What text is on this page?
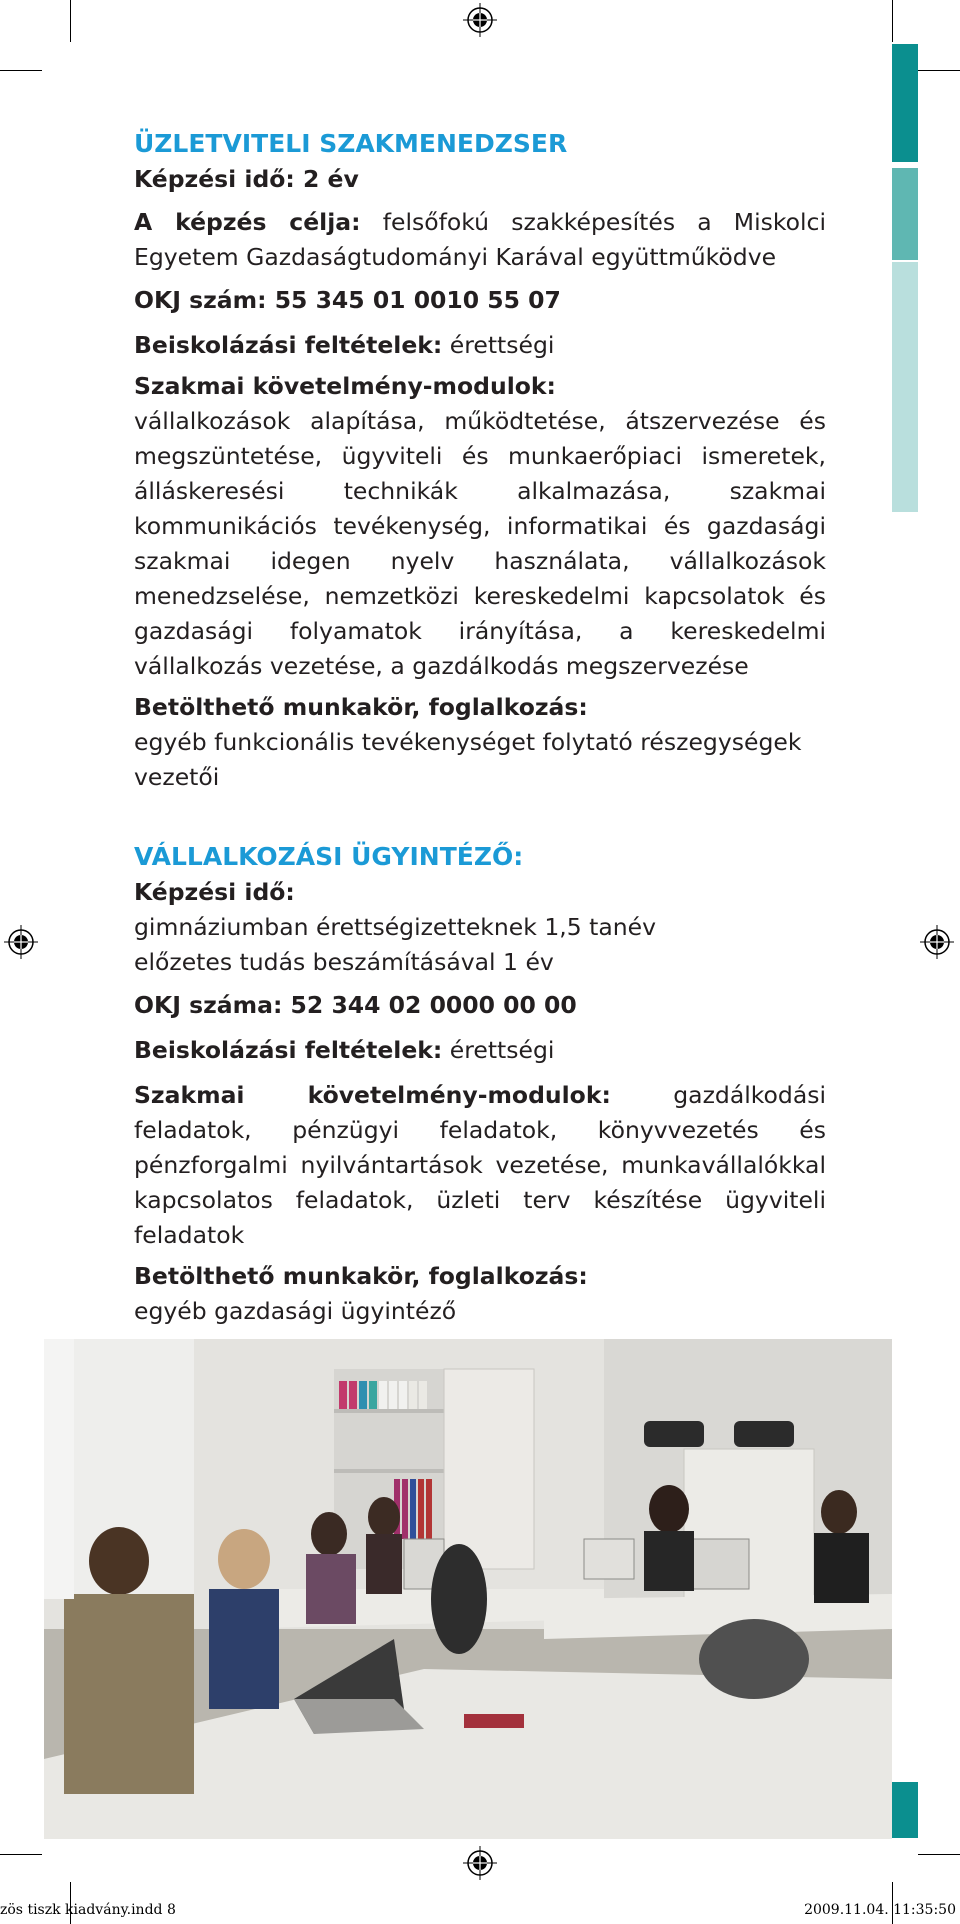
ÜZLETVITELI SZAKMENEDZSER

Képzési idő: 2 év

A képzés célja: felsőfokú szakképesítés a Miskolci Egyetem Gazdaságtudományi Karával együttműködve

OKJ szám: 55 345 01 0010 55 07

Beiskolázási feltételek: érettségi

Szakmai követelmény-modulok:

vállalkozások alapítása, működtetése, átszervezése és megszüntetése, ügyviteli és munkaerőpiaci ismeretek, álláskeresési technikák alkalmazása, szakmai kommunikációs tevékenység, informatikai és gazdasági szakmai idegen nyelv használata, vállalkozások menedzselése, nemzetközi kereskedelmi kapcsolatok és gazdasági folyamatok irányítása, a kereskedelmi vállalkozás vezetése, a gazdálkodás megszervezése

Betölthető munkakör, foglalkozás:

egyéb funkcionális tevékenységet folytató részegységek vezetői

VÁLLALKOZÁSI ÜGYINTÉZŐ:

Képzési idő:

gimnáziumban érettségizetteknek 1,5 tanév

előzetes tudás beszámításával 1 év

OKJ száma: 52 344 02 0000 00 00

Beiskolázási feltételek: érettségi

Szakmai követelmény-modulok: gazdálkodási feladatok, pénzügyi feladatok, könyvvezetés és pénzforgalmi nyilvántartások vezetése, munkavállalókkal kapcsolatos feladatok, üzleti terv készítése ügyviteli feladatok

Betölthető munkakör, foglalkozás:

egyéb gazdasági ügyintéző

zös tiszk kiadvány.indd 8	2009.11.04. 11:35:50
